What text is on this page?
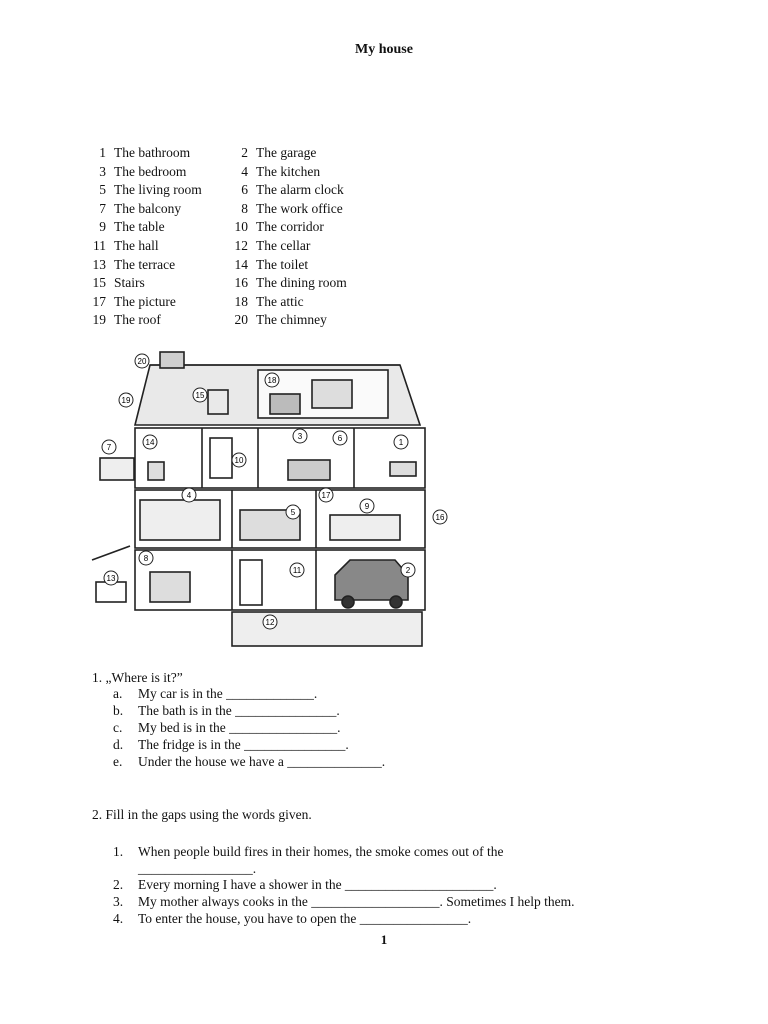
My house
1 The bathroom	2 The garage
3 The bedroom	4 The kitchen
5 The living room	6 The alarm clock
7 The balcony	8 The work office
9 The table	10 The corridor
11 The hall	12 The cellar
13 The terrace	14 The toilet
15 Stairs	16 The dining room
17 The picture	18 The attic
19 The roof	20 The chimney
20
18
19
15
14
7
10
3	6	1
4	17
5
9
16
8
11	2
13
12
1. „Where is it?”
a. My car is in the _____________.
b. The bath is in the _______________.
c. My bed is in the ________________.
d. The fridge is in the _______________.
e. Under the house we have a ______________.
2. Fill in the gaps using the words given.
1. When people build fires in their homes, the smoke comes out of the
_________________.
2. Every morning I have a shower in the ______________________.
3. My mother always cooks in the ___________________. Sometimes I help them.
4. To enter the house, you have to open the ________________.
1
